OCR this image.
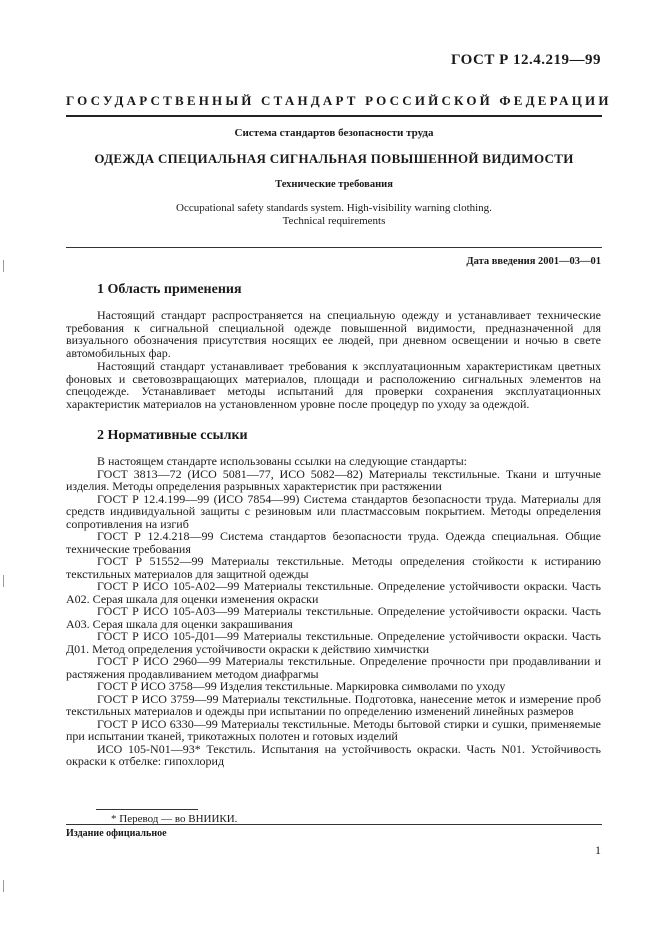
ГОСТ Р 12.4.219—99
ГОСУДАРСТВЕННЫЙ СТАНДАРТ РОССИЙСКОЙ ФЕДЕРАЦИИ
Система стандартов безопасности труда
ОДЕЖДА СПЕЦИАЛЬНАЯ СИГНАЛЬНАЯ ПОВЫШЕННОЙ ВИДИМОСТИ
Технические требования
Occupational safety standards system. High-visibility warning clothing.
Technical requirements
Дата введения 2001—03—01
1 Область применения

Настоящий стандарт распространяется на специальную одежду и устанавливает технические требования к сигнальной специальной одежде повышенной видимости, предназначенной для визуального обозначения присутствия носящих ее людей, при дневном освещении и ночью в свете автомобильных фар.

Настоящий стандарт устанавливает требования к эксплуатационным характеристикам цветных фоновых и световозвращающих материалов, площади и расположению сигнальных элементов на спецодежде. Устанавливает методы испытаний для проверки сохранения эксплуатационных характеристик материалов на установленном уровне после процедур по уходу за одеждой.

2 Нормативные ссылки

В настоящем стандарте использованы ссылки на следующие стандарты:

ГОСТ 3813—72 (ИСО 5081—77, ИСО 5082—82) Материалы текстильные. Ткани и штучные изделия. Методы определения разрывных характеристик при растяжении

ГОСТ Р 12.4.199—99 (ИСО 7854—99) Система стандартов безопасности труда. Материалы для средств индивидуальной защиты с резиновым или пластмассовым покрытием. Методы определения сопротивления на изгиб

ГОСТ Р 12.4.218—99 Система стандартов безопасности труда. Одежда специальная. Общие технические требования

ГОСТ Р 51552—99 Материалы текстильные. Методы определения стойкости к истиранию текстильных материалов для защитной одежды

ГОСТ Р ИСО 105-А02—99 Материалы текстильные. Определение устойчивости окраски. Часть А02. Серая шкала для оценки изменения окраски

ГОСТ Р ИСО 105-А03—99 Материалы текстильные. Определение устойчивости окраски. Часть А03. Серая шкала для оценки закрашивания

ГОСТ Р ИСО 105-Д01—99 Материалы текстильные. Определение устойчивости окраски. Часть Д01. Метод определения устойчивости окраски к действию химчистки

ГОСТ Р ИСО 2960—99 Материалы текстильные. Определение прочности при продавливании и растяжения продавливанием методом диафрагмы

ГОСТ Р ИСО 3758—99 Изделия текстильные. Маркировка символами по уходу

ГОСТ Р ИСО 3759—99 Материалы текстильные. Подготовка, нанесение меток и измерение проб текстильных материалов и одежды при испытании по определению изменений линейных размеров

ГОСТ Р ИСО 6330—99 Материалы текстильные. Методы бытовой стирки и сушки, применяемые при испытании тканей, трикотажных полотен и готовых изделий

ИСО 105-N01—93* Текстиль. Испытания на устойчивость окраски. Часть N01. Устойчивость окраски к отбелке: гипохлорид

* Перевод — во ВНИИКИ.
Издание официальное
1
